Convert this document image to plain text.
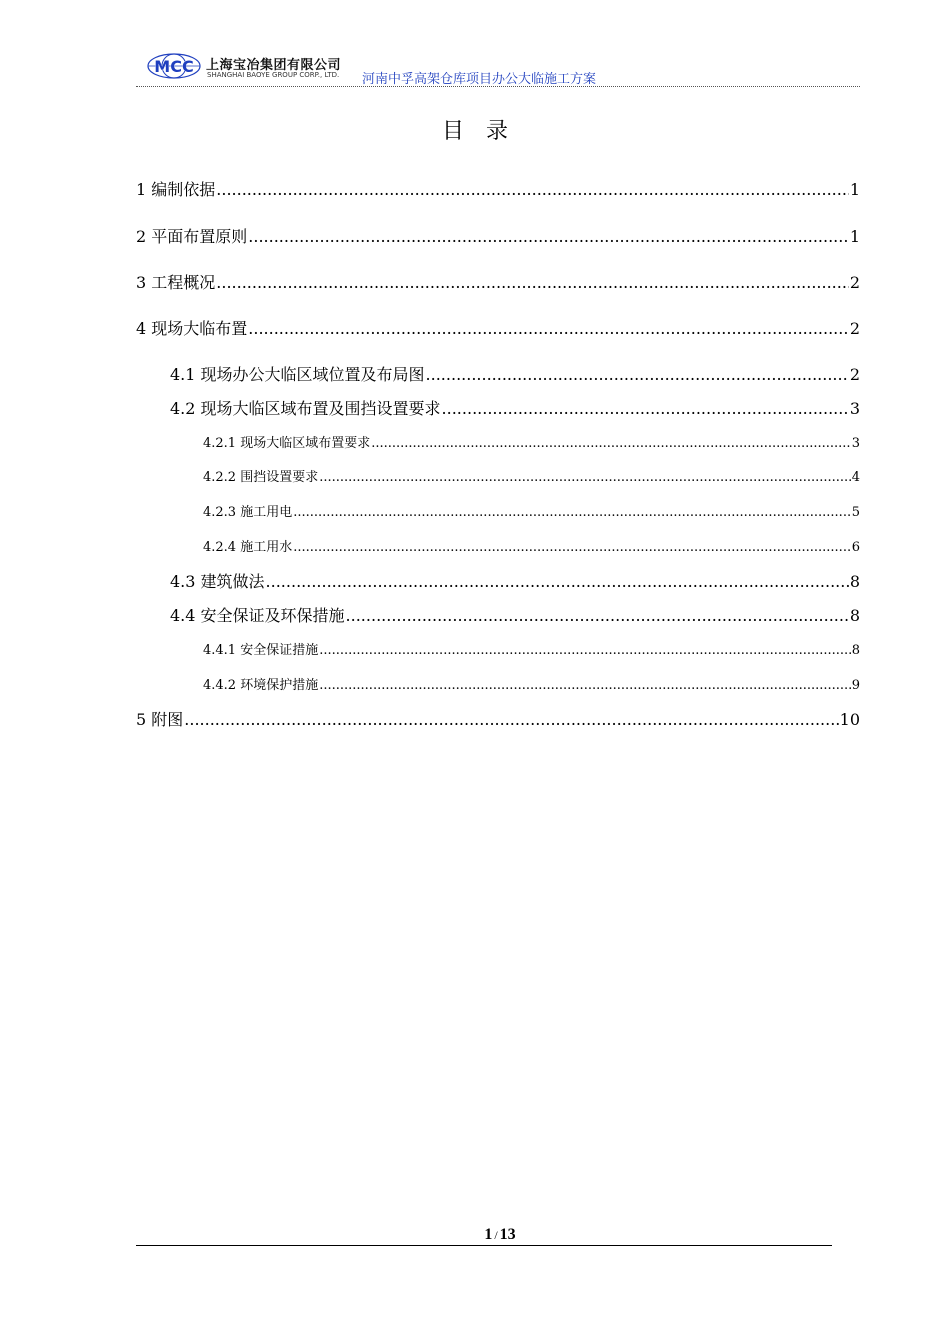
MCC 上海宝冶集团有限公司
SHANGHAI BAOYE GROUP CORP., LTD. 河南中孚高架仓库项目办公大临施工方案
目录
1 编制依据 .....	1
2 平面布置原则 .....	1
3 工程概况 .....	2
4 现场大临布置 .....	2
4.1 现场办公大临区域位置及布局图 .....	2
4.2 现场大临区域布置及围挡设置要求 .....	3
4.2.1 现场大临区域布置要求 .....	3
4.2.2 围挡设置要求 .....	4
4.2.3 施工用电 .....	5
4.2.4 施工用水 .....	6
4.3 建筑做法 .....	8
4.4 安全保证及环保措施 .....	8
4.4.1 安全保证措施 .....	8
4.4.2 环境保护措施 .....	9
5 附图 .....	10
1 / 13
